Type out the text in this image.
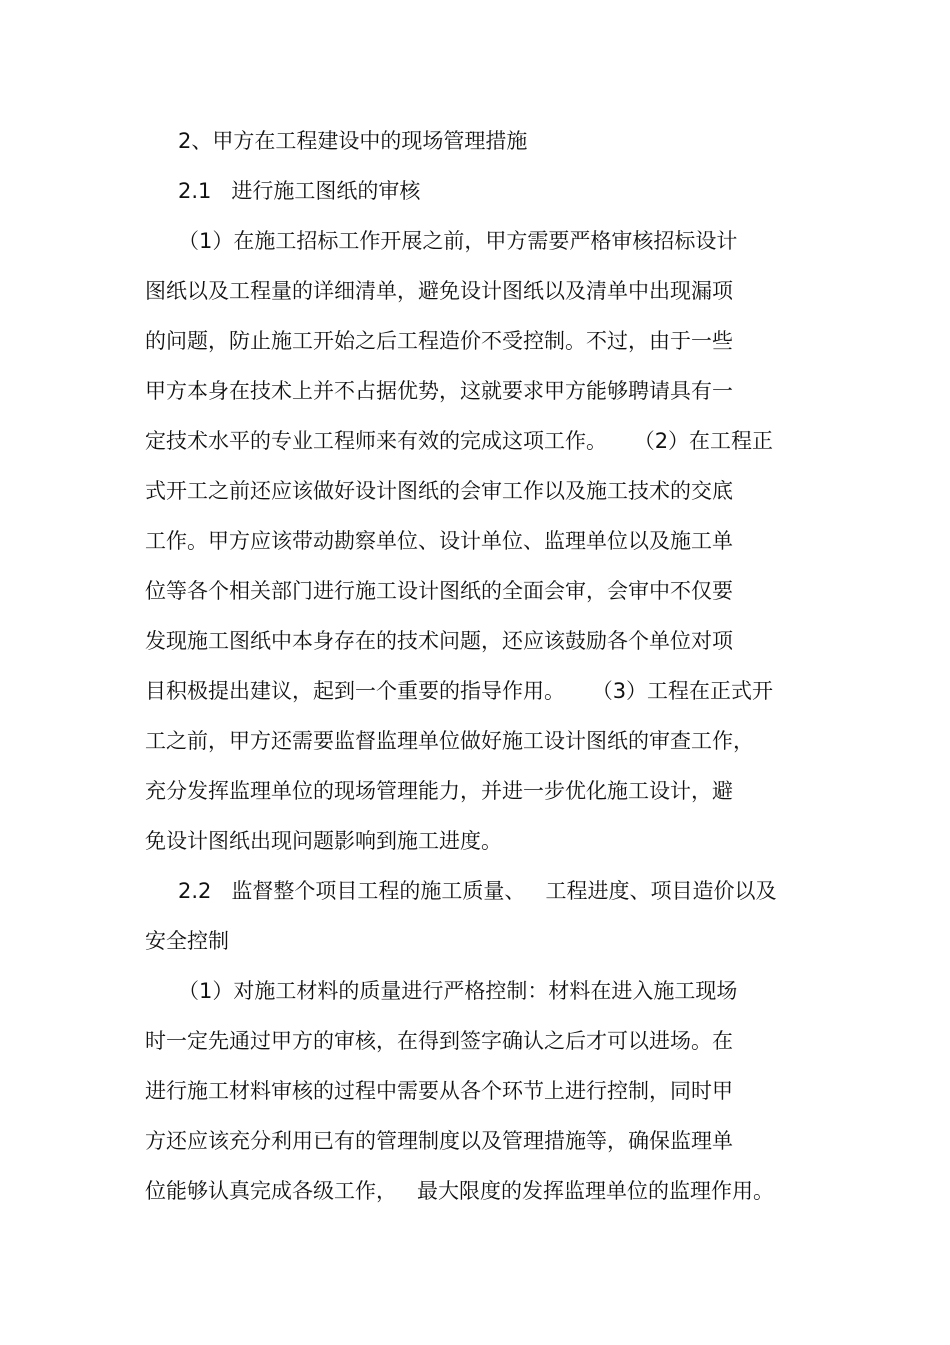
2、甲方在工程建设中的现场管理措施
2.1   进行施工图纸的审核
（1）在施工招标工作开展之前，甲方需要严格审核招标设计
图纸以及工程量的详细清单，避免设计图纸以及清单中出现漏项
的问题，防止施工开始之后工程造价不受控制。不过，由于一些
甲方本身在技术上并不占据优势，这就要求甲方能够聘请具有一
定技术水平的专业工程师来有效的完成这项工作。    （2）在工程正
式开工之前还应该做好设计图纸的会审工作以及施工技术的交底
工作。甲方应该带动勘察单位、设计单位、监理单位以及施工单
位等各个相关部门进行施工设计图纸的全面会审，会审中不仅要
发现施工图纸中本身存在的技术问题，还应该鼓励各个单位对项
目积极提出建议，起到一个重要的指导作用。    （3）工程在正式开
工之前，甲方还需要监督监理单位做好施工设计图纸的审查工作，
充分发挥监理单位的现场管理能力，并进一步优化施工设计，避
免设计图纸出现问题影响到施工进度。
2.2   监督整个项目工程的施工质量、   工程进度、项目造价以及
安全控制
（1）对施工材料的质量进行严格控制：材料在进入施工现场
时一定先通过甲方的审核，在得到签字确认之后才可以进场。在
进行施工材料审核的过程中需要从各个环节上进行控制，同时甲
方还应该充分利用已有的管理制度以及管理措施等，确保监理单
位能够认真完成各级工作，   最大限度的发挥监理单位的监理作用。
